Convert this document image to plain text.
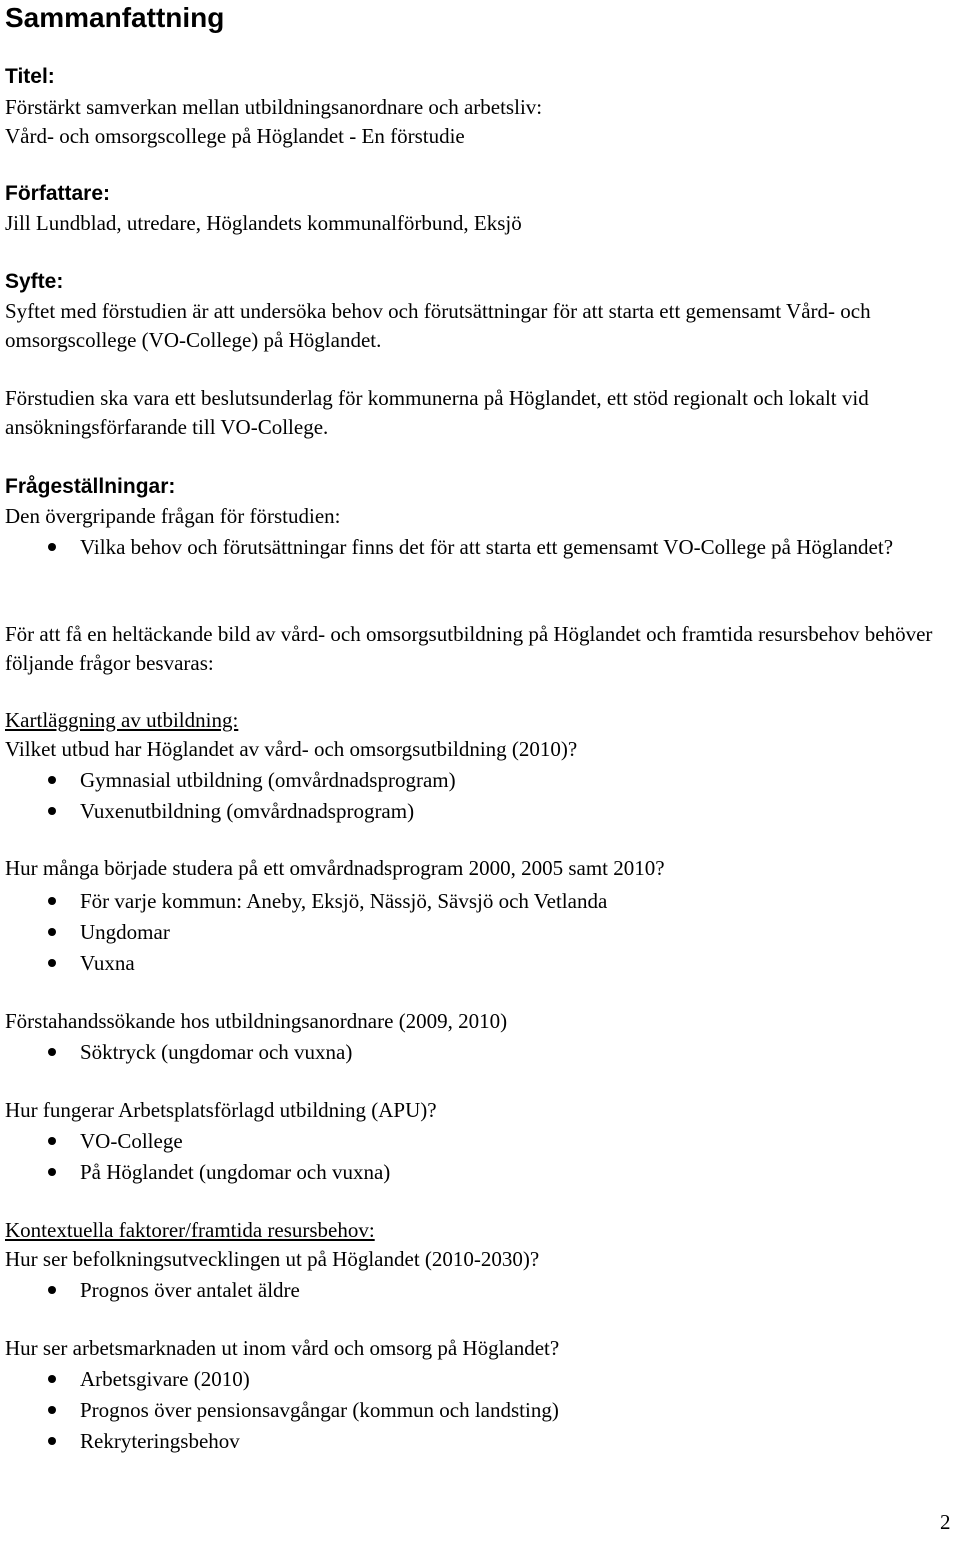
Sammanfattning
Titel:
Förstärkt samverkan mellan utbildningsanordnare och arbetsliv:
Vård- och omsorgscollege på Höglandet - En förstudie
Författare:
Jill Lundblad, utredare, Höglandets kommunalförbund, Eksjö
Syfte:
Syftet med förstudien är att undersöka behov och förutsättningar för att starta ett gemensamt Vård- och omsorgscollege (VO-College) på Höglandet.
Förstudien ska vara ett beslutsunderlag för kommunerna på Höglandet, ett stöd regionalt och lokalt vid ansökningsförfarande till VO-College.
Frågeställningar:
Den övergripande frågan för förstudien:
Vilka behov och förutsättningar finns det för att starta ett gemensamt VO-College på Höglandet?
För att få en heltäckande bild av vård- och omsorgsutbildning på Höglandet och framtida resursbehov behöver följande frågor besvaras:
Kartläggning av utbildning:
Vilket utbud har Höglandet av vård- och omsorgsutbildning (2010)?
Gymnasial utbildning (omvårdnadsprogram)
Vuxenutbildning (omvårdnadsprogram)
Hur många började studera på ett omvårdnadsprogram 2000, 2005 samt 2010?
För varje kommun: Aneby, Eksjö, Nässjö, Sävsjö och Vetlanda
Ungdomar
Vuxna
Förstahandssökande hos utbildningsanordnare (2009, 2010)
Söktryck (ungdomar och vuxna)
Hur fungerar Arbetsplatsförlagd utbildning (APU)?
VO-College
På Höglandet (ungdomar och vuxna)
Kontextuella faktorer/framtida resursbehov:
Hur ser befolkningsutvecklingen ut på Höglandet (2010-2030)?
Prognos över antalet äldre
Hur ser arbetsmarknaden ut inom vård och omsorg på Höglandet?
Arbetsgivare (2010)
Prognos över pensionsavgångar (kommun och landsting)
Rekryteringsbehov
2
